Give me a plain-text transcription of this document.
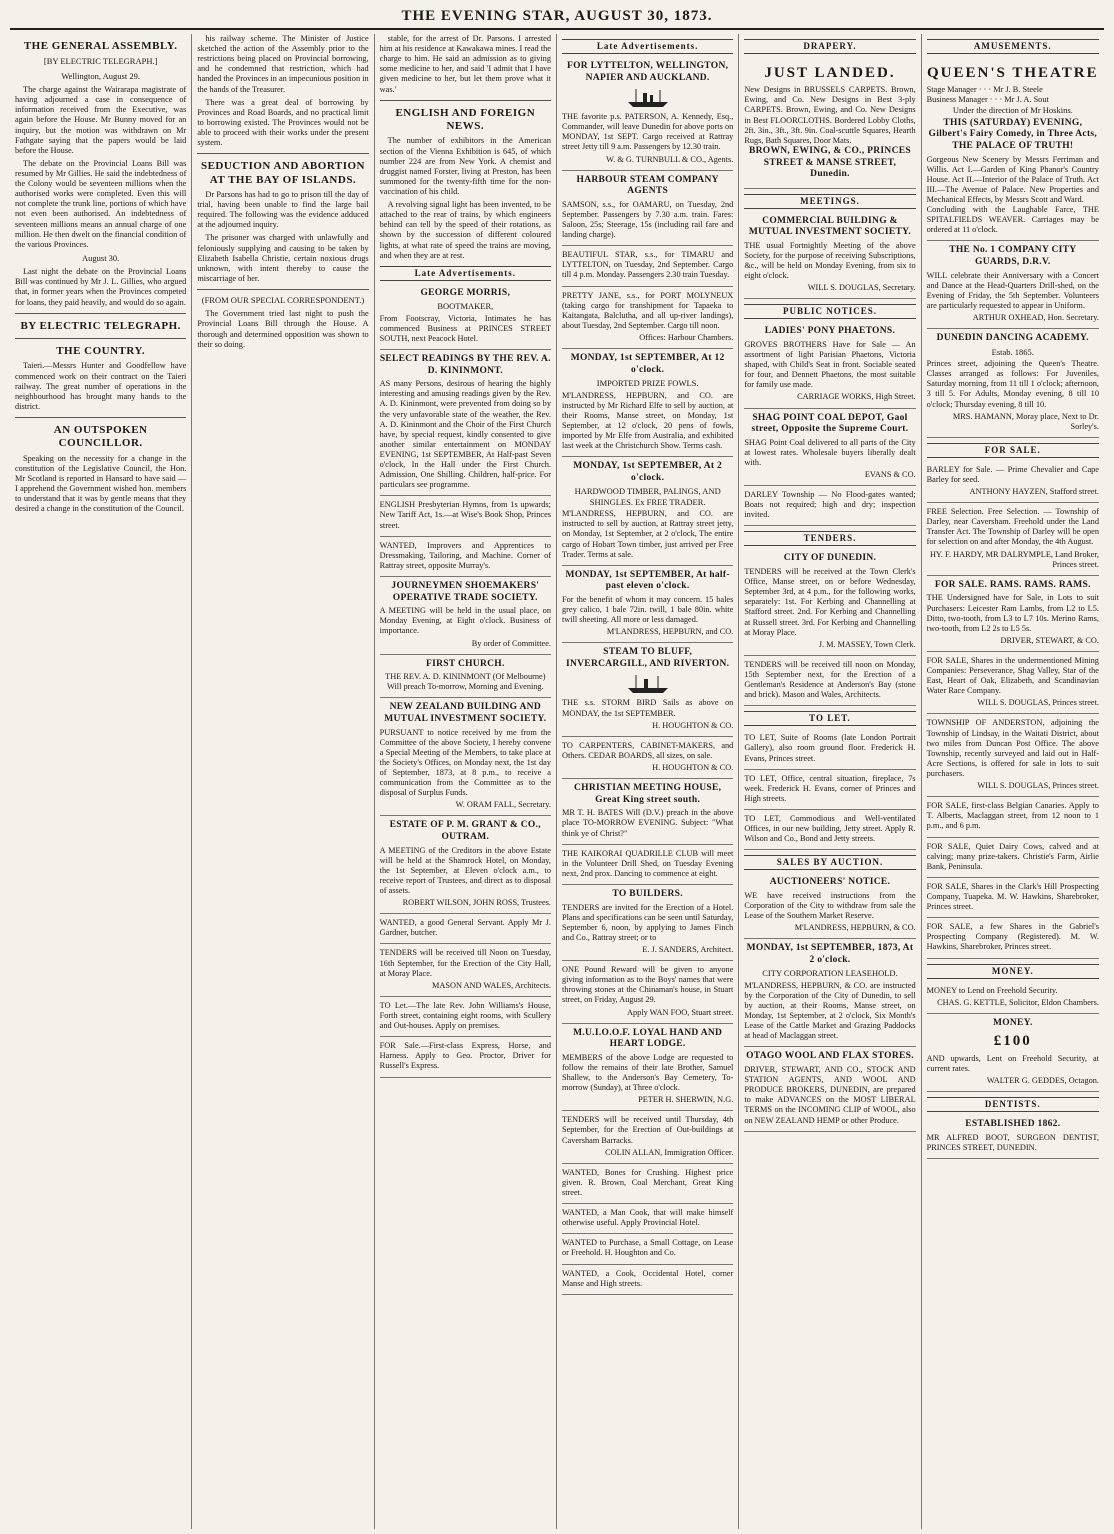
THE EVENING STAR, AUGUST 30, 1873.
THE GENERAL ASSEMBLY.
[BY ELECTRIC TELEGRAPH.]
Wellington, August 29.

The charge against the Wairarapa magistrate of having adjourned a case in consequence of information received from the Executive, was again before the House. Mr Bunny moved for an inquiry, but the motion was withdrawn on Mr Fathgate saying that the papers would be laid before the House.

The debate on the Provincial Loans Bill was resumed by Mr Gillies. He said the indebtedness of the Colony would be seventeen millions when the authorised works were completed. Even this will not complete the trunk line, portions of which have not even been authorised. An indebtedness of seventeen millions means an annual charge of one million. He then dwelt on the financial condition of the various Provinces.

August 30.

Last night the debate on the Provincial Loans Bill was continued by Mr J. L. Gillies, who argued that, in former years when the Provinces competed for loans, they paid heavily, and would do so again.

BY ELECTRIC TELEGRAPH.
THE COUNTRY.

Taieri.—Messrs Hunter and Goodfellow have commenced work on their contract on the Taieri railway. The great number of operations in the neighbourhood has brought many hands to the district.

AN OUTSPOKEN COUNCILLOR.

Speaking on the necessity for a change in the constitution of the Legislative Council, the Hon. Mr Scotland is reported in Hansard to have said — I apprehend the Government wished hon. members to understand that it was by gentle means that they desired a change in the constitution of the Council.

his railway scheme. The Minister of Justice sketched the action of the Assembly prior to the restrictions being placed on Provincial borrowing, and he condemned that restriction, which had handed the Provinces in an impecunious position in the hands of the Treasurer.

There was a great deal of borrowing by Provinces and Road Boards, and no practical limit to borrowing existed. The Provinces would not be able to proceed with their works under the present system.

SEDUCTION AND ABORTION AT THE BAY OF ISLANDS.

Dr Parsons has had to go to prison till the day of trial, having been unable to find the large bail required. The following was the evidence adduced at the adjourned inquiry.

The prisoner was charged with unlawfully and feloniously supplying and causing to be taken by Elizabeth Isabella Christie, certain noxious drugs unknown, with intent thereby to cause the miscarriage of her.

(FROM OUR SPECIAL CORRESPONDENT.)

The Government tried last night to push the Provincial Loans Bill through the House. A thorough and determined opposition was shown to their so doing.

stable, for the arrest of Dr. Parsons. I arrested him at his residence at Kawakawa mines. I read the charge to him. He said an admission as to giving some medicine to her, and said 'I admit that I have given medicine to her, but let them prove what it was.'

ENGLISH AND FOREIGN NEWS.

The number of exhibitors in the American section of the Vienna Exhibition is 645, of which number 224 are from New York. A chemist and druggist named Forster, living at Preston, has been summoned for the twenty-fifth time for the non-vaccination of his child.

A revolving signal light has been invented, to be attached to the rear of trains, by which engineers behind can tell by the speed of their rotations, as shown by the succession of different coloured lights, at what rate of speed the trains are moving, and when they are at rest.

Late Advertisements.
GEORGE MORRIS,
BOOTMAKER,
From Footscray, Victoria, Intimates he has commenced Business at PRINCES STREET SOUTH, next Peacock Hotel.
SELECT READINGS BY THE REV. A. D. KININMONT.
AS many Persons, desirous of hearing the highly interesting and amusing readings given by the Rev. A. D. Kininmont, were prevented from doing so by the very unfavorable state of the weather, the Rev. A. D. Kininmont and the Choir of the First Church have, by special request, kindly consented to give another similar entertainment on MONDAY EVENING, 1st SEPTEMBER, At Half-past Seven o'clock, In the Hall under the First Church. Admission, One Shilling. Children, half-price. For particulars see programme.
ENGLISH Presbyterian Hymns, from 1s upwards; New Tariff Act, 1s.—at Wise's Book Shop, Princes street.
WANTED, Improvers and Apprentices to Dressmaking, Tailoring, and Machine. Corner of Rattray street, opposite Murray's.
JOURNEYMEN SHOEMAKERS' OPERATIVE TRADE SOCIETY.
A MEETING will be held in the usual place, on Monday Evening, at Eight o'clock. Business of importance.
By order of Committee.
FIRST CHURCH.
THE REV. A. D. KININMONT (Of Melbourne) Will preach To-morrow, Morning and Evening.
NEW ZEALAND BUILDING AND MUTUAL INVESTMENT SOCIETY.
PURSUANT to notice received by me from the Committee of the above Society, I hereby convene a Special Meeting of the Members, to take place at the Society's Offices, on Monday next, the 1st day of September, 1873, at 8 p.m., to receive a communication from the Committee as to the disposal of Surplus Funds.
W. ORAM FALL, Secretary.
ESTATE OF P. M. GRANT & CO., OUTRAM.
A MEETING of the Creditors in the above Estate will be held at the Shamrock Hotel, on Monday, the 1st September, at Eleven o'clock a.m., to receive report of Trustees, and direct as to disposal of assets.
ROBERT WILSON, JOHN ROSS, Trustees.
WANTED, a good General Servant. Apply Mr J. Gardner, butcher.
TENDERS will be received till Noon on Tuesday, 16th September, for the Erection of the City Hall, at Moray Place.
MASON AND WALES, Architects.
TO Let.—The late Rev. John Williams's House, Forth street, containing eight rooms, with Scullery and Out-houses. Apply on premises.
FOR Sale.—First-class Express, Horse, and Harness. Apply to Geo. Proctor, Driver for Russell's Express.
Late Advertisements.
FOR LYTTELTON, WELLINGTON, NAPIER AND AUCKLAND.
THE favorite p.s. PATERSON, A. Kennedy, Esq., Commander, will leave Dunedin for above ports on MONDAY, 1st SEPT. Cargo received at Rattray street Jetty till 9 a.m. Passengers by 12.30 train.
W. & G. TURNBULL & CO., Agents.
HARBOUR STEAM COMPANY AGENTS
SAMSON, s.s., for OAMARU, on Tuesday, 2nd September. Passengers by 7.30 a.m. train. Fares: Saloon, 25s; Steerage, 15s (including rail fare and landing charge).
BEAUTIFUL STAR, s.s., for TIMARU and LYTTELTON, on Tuesday, 2nd September. Cargo till 4 p.m. Monday. Passengers 2.30 train Tuesday.
PRETTY JANE, s.s., for PORT MOLYNEUX (taking cargo for transhipment for Tapaeka to Kaitangata, Balclutha, and all up-river landings), about Tuesday, 2nd September. Cargo till noon.
Offices: Harbour Chambers.
MONDAY, 1st SEPTEMBER, At 12 o'clock.
IMPORTED PRIZE FOWLS.
M'LANDRESS, HEPBURN, and CO. are instructed by Mr Richard Elfe to sell by auction, at their Rooms, Manse street, on Monday, 1st September, at 12 o'clock, 20 pens of fowls, imported by Mr Elfe from Australia, and exhibited last week at the Christchurch Show. Terms cash.
MONDAY, 1st SEPTEMBER, At 2 o'clock.
HARDWOOD TIMBER, PALINGS, AND SHINGLES. Ex FREE TRADER.
M'LANDRESS, HEPBURN, and CO. are instructed to sell by auction, at Rattray street jetty, on Monday, 1st September, at 2 o'clock, The entire cargo of Hobart Town timber, just arrived per Free Trader. Terms at sale.
MONDAY, 1st SEPTEMBER, At half-past eleven o'clock.
For the benefit of whom it may concern. 15 bales grey calico, 1 bale 72in. twill, 1 bale 80in. white twill sheeting. All more or less damaged.
M'LANDRESS, HEPBURN, and CO.
STEAM TO BLUFF, INVERCARGILL, AND RIVERTON.
THE s.s. STORM BIRD Sails as above on MONDAY, the 1st SEPTEMBER.
H. HOUGHTON & CO.
TO CARPENTERS, CABINET-MAKERS, and Others. CEDAR BOARDS, all sizes, on sale.
H. HOUGHTON & CO.
CHRISTIAN MEETING HOUSE, Great King street south.
MR T. H. BATES Will (D.V.) preach in the above place TO-MORROW EVENING. Subject: "What think ye of Christ?"
THE KAIKORAI QUADRILLE CLUB will meet in the Volunteer Drill Shed, on Tuesday Evening next, 2nd prox. Dancing to commence at eight.
TO BUILDERS.
TENDERS are invited for the Erection of a Hotel. Plans and specifications can be seen until Saturday, September 6, noon, by applying to James Finch and Co., Rattray street; or to
E. J. SANDERS, Architect.
ONE Pound Reward will be given to anyone giving information as to the Boys' names that were throwing stones at the Chinaman's house, in Stuart street, on Friday, August 29.
Apply WAN FOO, Stuart street.
M.U.I.O.O.F. LOYAL HAND AND HEART LODGE.
MEMBERS of the above Lodge are requested to follow the remains of their late Brother, Samuel Shallew, to the Anderson's Bay Cemetery, To-morrow (Sunday), at Three o'clock.
PETER H. SHERWIN, N.G.
TENDERS will be received until Thursday, 4th September, for the Erection of Out-buildings at Caversham Barracks.
COLIN ALLAN, Immigration Officer.
WANTED, Bones for Crushing. Highest price given. R. Brown, Coal Merchant, Great King street.
WANTED, a Man Cook, that will make himself otherwise useful. Apply Provincial Hotel.
WANTED to Purchase, a Small Cottage, on Lease or Freehold. H. Houghton and Co.
WANTED, a Cook, Occidental Hotel, corner Manse and High streets.
DRAPERY.
JUST LANDED.
New Designs in BRUSSELS CARPETS. Brown, Ewing, and Co. New Designs in Best 3-ply CARPETS. Brown, Ewing, and Co. New Designs in Best FLOORCLOTHS. Bordered Lobby Cloths, 2ft. 3in., 3ft., 3ft. 9in. Coal-scuttle Squares, Hearth Rugs, Bath Squares, Door Mats.
BROWN, EWING, & CO., PRINCES STREET & MANSE STREET, Dunedin.
MEETINGS.
COMMERCIAL BUILDING & MUTUAL INVESTMENT SOCIETY.
THE usual Fortnightly Meeting of the above Society, for the purpose of receiving Subscriptions, &c., will be held on Monday Evening, from six to eight o'clock.
WILL S. DOUGLAS, Secretary.
PUBLIC NOTICES.
LADIES' PONY PHAETONS.
GROVES BROTHERS Have for Sale — An assortment of light Parisian Phaetons, Victoria shaped, with Child's Seat in front. Sociable seated for four, and Dennett Phaetons, the most suitable for family use made.
CARRIAGE WORKS, High Street.
SHAG POINT COAL DEPOT, Gaol street, Opposite the Supreme Court.
SHAG Point Coal delivered to all parts of the City at lowest rates. Wholesale buyers liberally dealt with.
EVANS & CO.
DARLEY Township — No Flood-gates wanted; Boats not required; high and dry; inspection invited.
TENDERS.
CITY OF DUNEDIN.
TENDERS will be received at the Town Clerk's Office, Manse street, on or before Wednesday, September 3rd, at 4 p.m., for the following works, separately: 1st. For Kerbing and Channelling at Stafford street. 2nd. For Kerbing and Channelling at Russell street. 3rd. For Kerbing and Channelling at Moray Place.
J. M. MASSEY, Town Clerk.
TENDERS will be received till noon on Monday, 15th September next, for the Erection of a Gentleman's Residence at Anderson's Bay (stone and brick). Mason and Wales, Architects.
TO LET.
TO LET, Suite of Rooms (late London Portrait Gallery), also room ground floor. Frederick H. Evans, Princes street.
TO LET, Office, central situation, fireplace, 7s week. Frederick H. Evans, corner of Princes and High streets.
TO LET, Commodious and Well-ventilated Offices, in our new building, Jetty street. Apply R. Wilson and Co., Bond and Jetty streets.
SALES BY AUCTION.
AUCTIONEERS' NOTICE.
WE have received instructions from the Corporation of the City to withdraw from sale the Lease of the Southern Market Reserve.
M'LANDRESS, HEPBURN, & CO.
MONDAY, 1st SEPTEMBER, 1873, At 2 o'clock.
CITY CORPORATION LEASEHOLD.
M'LANDRESS, HEPBURN, & CO. are instructed by the Corporation of the City of Dunedin, to sell by auction, at their Rooms, Manse street, on Monday, 1st September, at 2 o'clock, Six Month's Lease of the Cattle Market and Grazing Paddocks at head of Maclaggan street.
OTAGO WOOL AND FLAX STORES.
DRIVER, STEWART, AND CO., STOCK AND STATION AGENTS, AND WOOL AND PRODUCE BROKERS, DUNEDIN, are prepared to make ADVANCES on the MOST LIBERAL TERMS on the INCOMING CLIP of WOOL, also on NEW ZEALAND HEMP or other Produce.
AMUSEMENTS.
QUEEN'S THEATRE
Stage Manager · · · Mr J. B. Steele
Business Manager · · · Mr J. A. Sout
Under the direction of Mr Hoskins.
THIS (SATURDAY) EVENING, Gilbert's Fairy Comedy, in Three Acts, THE PALACE OF TRUTH!
Gorgeous New Scenery by Messrs Ferriman and Willis. Act I.—Garden of King Phanor's Country House. Act II.—Interior of the Palace of Truth. Act III.—The Avenue of Palace. New Properties and Mechanical Effects, by Messrs Scott and Ward.
Concluding with the Laughable Farce, THE SPITALFIELDS WEAVER. Carriages may be ordered at 11 o'clock.
THE No. 1 COMPANY CITY GUARDS, D.R.V.
WILL celebrate their Anniversary with a Concert and Dance at the Head-Quarters Drill-shed, on the Evening of Friday, the 5th September. Volunteers are particularly requested to appear in Uniform.
ARTHUR OXHEAD, Hon. Secretary.
DUNEDIN DANCING ACADEMY.
Estab. 1865.
Princes street, adjoining the Queen's Theatre. Classes arranged as follows: For Juveniles, Saturday morning, from 11 till 1 o'clock; afternoon, 3 till 5. For Adults, Monday evening, 8 till 10 o'clock; Thursday evening, 8 till 10.
MRS. HAMANN, Moray place, Next to Dr. Sorley's.
FOR SALE.
BARLEY for Sale. — Prime Chevalier and Cape Barley for seed.
ANTHONY HAYZEN, Stafford street.
FREE Selection. Free Selection. — Township of Darley, near Caversham. Freehold under the Land Transfer Act. The Township of Darley will be open for selection on and after Monday, the 4th August.
HY. F. HARDY, MR DALRYMPLE, Land Broker, Princes street.
FOR SALE. RAMS. RAMS. RAMS.
THE Undersigned have for Sale, in Lots to suit Purchasers: Leicester Ram Lambs, from L2 to L5. Ditto, two-tooth, from L3 to L7 10s. Merino Rams, two-tooth, from L2 2s to L5 5s.
DRIVER, STEWART, & CO.
FOR SALE, Shares in the undermentioned Mining Companies: Perseverance, Shag Valley, Star of the East, Heart of Oak, Elizabeth, and Scandinavian Water Race Company.
WILL S. DOUGLAS, Princes street.
TOWNSHIP OF ANDERSTON, adjoining the Township of Lindsay, in the Waitati District, about two miles from Duncan Post Office. The above Township, recently surveyed and laid out in Half-Acre Sections, is offered for sale in lots to suit purchasers.
WILL S. DOUGLAS, Princes street.
FOR SALE, first-class Belgian Canaries. Apply to T. Alberts, Maclaggan street, from 12 noon to 1 p.m., and 6 p.m.
FOR SALE, Quiet Dairy Cows, calved and at calving; many prize-takers. Christie's Farm, Airlie Bank, Peninsula.
FOR SALE, Shares in the Clark's Hill Prospecting Company, Tuapeka. M. W. Hawkins, Sharebroker, Princes street.
FOR SALE, a few Shares in the Gabriel's Prospecting Company (Registered). M. W. Hawkins, Sharebroker, Princes street.
MONEY.
MONEY to Lend on Freehold Security.
CHAS. G. KETTLE, Solicitor, Eldon Chambers.
MONEY.
£100
AND upwards, Lent on Freehold Security, at current rates.
WALTER G. GEDDES, Octagon.
DENTISTS.
ESTABLISHED 1862.
MR ALFRED BOOT, SURGEON DENTIST, PRINCES STREET, DUNEDIN.
